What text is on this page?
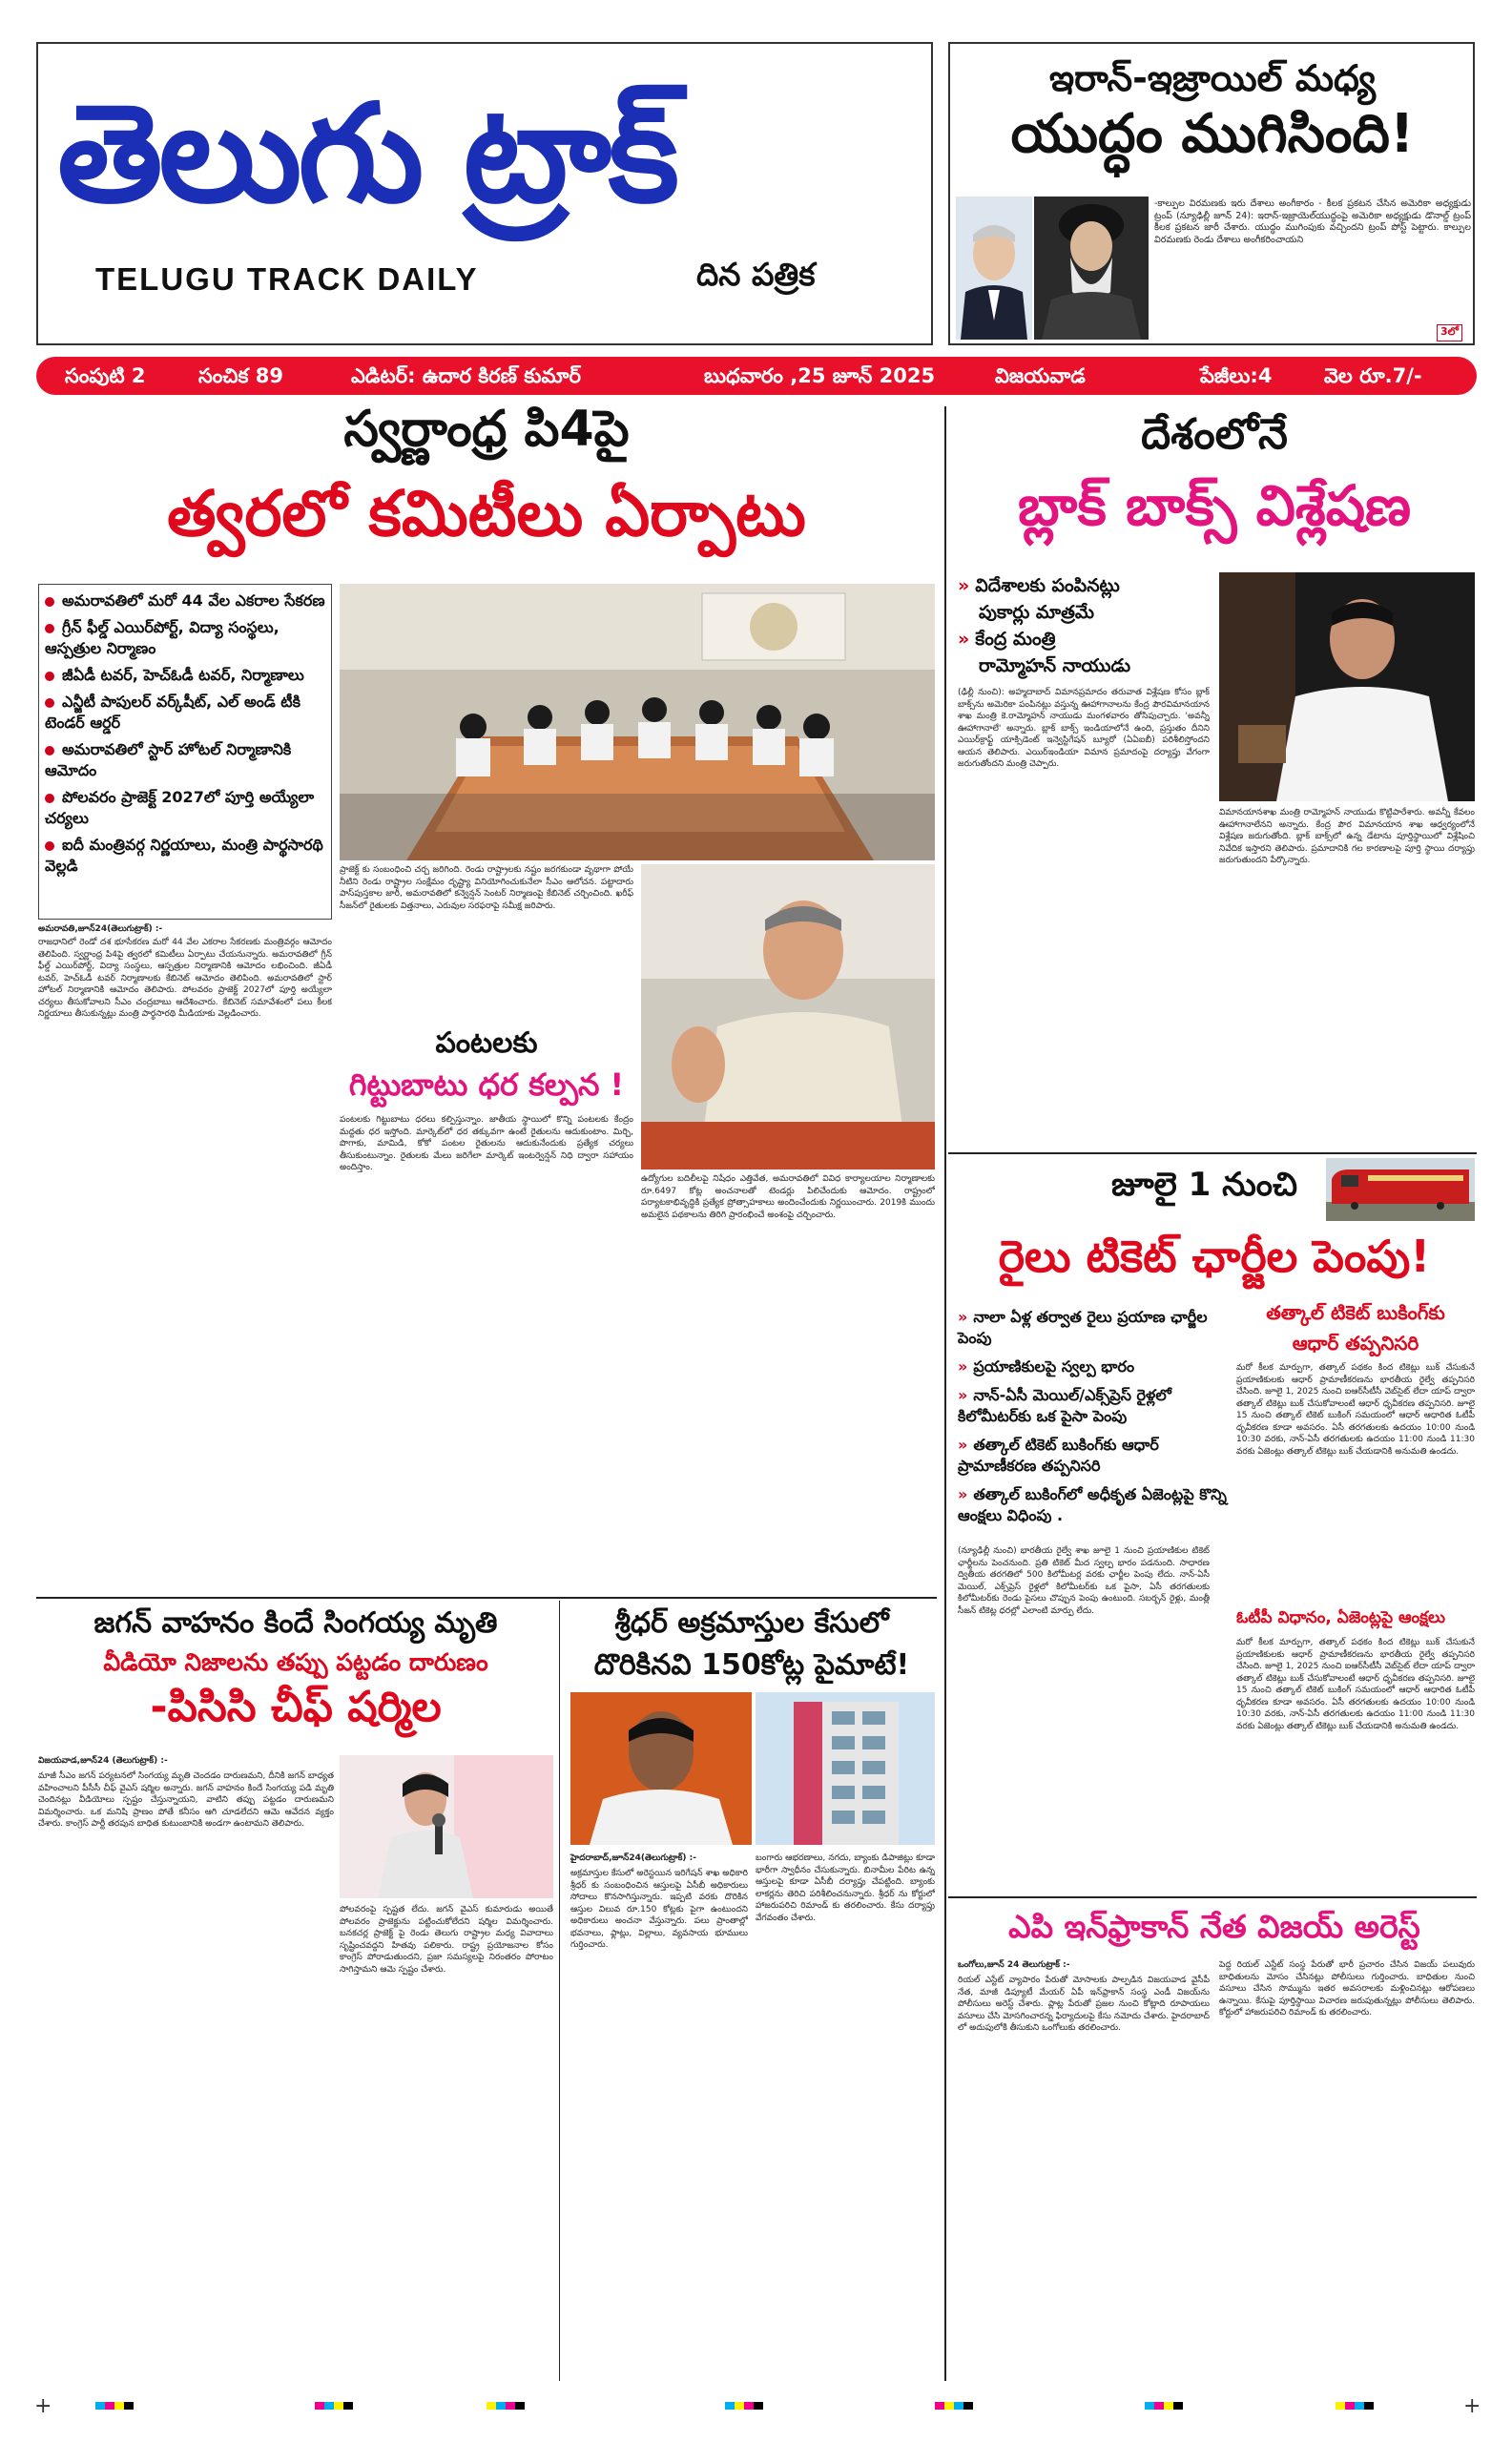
తెలుగు ట్రాక్
TELUGU TRACK DAILY	దిన పత్రిక
ఇరాన్-ఇజ్రాయిల్ మధ్య
యుద్ధం ముగిసింది!
-కాల్పుల విరమణకు ఇరు దేశాలు అంగీకారం - కీలక ప్రకటన చేసిన అమెరికా అధ్యక్షుడు ట్రంప్ (న్యూఢిల్లీ జూన్ 24): ఇరాన్-ఇజ్రాయెల్‌యుద్ధంపై అమెరికా అధ్యక్షుడు డొనాల్డ్ ట్రంప్ కీలక ప్రకటన జారీ చేశారు. యుద్ధం ముగింపుకు వచ్చిందని ట్రంప్ పోస్ట్ పెట్టారు. కాల్పుల విరమణకు రెండు దేశాలు అంగీకరించాయని
3లో
సంపుటి 2	సంచిక 89	ఎడిటర్: ఉదార కిరణ్ కుమార్	బుధవారం ,25 జూన్ 2025	విజయవాడ	పేజీలు:4	వెల రూ.7/-
స్వర్ణాంధ్ర పి4పై
త్వరలో కమిటీలు ఏర్పాటు
అమరావతిలో మరో 44 వేల ఎకరాల సేకరణ
గ్రీన్ ఫీల్డ్ ఎయిర్‌పోర్ట్, విద్యా సంస్థలు, ఆస్పత్రుల నిర్మాణం
జీఏడీ టవర్, హెచ్‌ఓడీ టవర్, నిర్మాణాలు
ఎన్జీటీ పాపులర్ వర్క్‌షీట్, ఎల్ అండ్ టీకి టెండర్ ఆర్డర్
అమరావతిలో స్టార్ హోటల్ నిర్మాణానికి ఆమోదం
పోలవరం ప్రాజెక్ట్ 2027లో పూర్తి అయ్యేలా చర్యలు
ఐదీ మంత్రివర్గ నిర్ణయాలు, మంత్రి పార్థసారథి వెల్లడి
అమరావతి,జూన్24(తెలుగుట్రాక్) :-
రాజధానిలో రెండో దశ భూసేకరణ మరో 44 వేల ఎకరాల సేకరణకు మంత్రివర్గం ఆమోదం తెలిపింది. స్వర్ణాంధ్ర పి4పై త్వరలో కమిటీలు ఏర్పాటు చేయనున్నారు. అమరావతిలో గ్రీన్ ఫీల్డ్ ఎయిర్‌పోర్ట్, విద్యా సంస్థలు, ఆస్పత్రుల నిర్మాణానికి ఆమోదం లభించింది. జీఏడీ టవర్, హెచ్‌ఓడీ టవర్ నిర్మాణాలకు కేబినెట్ ఆమోదం తెలిపింది. అమరావతిలో స్టార్ హోటల్ నిర్మాణానికి ఆమోదం తెలిపారు. పోలవరం ప్రాజెక్ట్ 2027లో పూర్తి అయ్యేలా చర్యలు తీసుకోవాలని సీఎం చంద్రబాబు ఆదేశించారు. కేబినెట్ సమావేశంలో పలు కీలక నిర్ణయాలు తీసుకున్నట్లు మంత్రి పార్థసారథి మీడియాకు వెల్లడించారు.
ప్రాజెక్ట్ కు సంబంధించి చర్చ జరిగింది. రెండు రాష్ట్రాలకు నష్టం జరగకుండా వృథాగా పోయే నీటిని రెండు రాష్ట్రాల సంక్షేమం దృష్ట్యా వినియోగించుకునేలా సీఎం ఆలోచన. పట్టాదారు పాస్‌పుస్తకాల జారీ, అమరావతిలో కన్వెన్షన్ సెంటర్ నిర్మాణంపై కేబినెట్ చర్చించింది. ఖరీఫ్ సీజన్‌లో రైతులకు విత్తనాలు, ఎరువుల సరఫరాపై సమీక్ష జరిపారు.
పంటలకు
గిట్టుబాటు ధర కల్పన !
పంటలకు గిట్టుబాటు ధరలు కల్పిస్తున్నాం. జాతీయ స్థాయిలో కొన్ని పంటలకు కేంద్రం మద్దతు ధర ఇస్తోంది. మార్కెట్‌లో ధర తక్కువగా ఉంటే రైతులను ఆదుకుంటాం. మిర్చి, పొగాకు, మామిడి, కోకో పంటల రైతులను ఆదుకునేందుకు ప్రత్యేక చర్యలు తీసుకుంటున్నాం. రైతులకు మేలు జరిగేలా మార్కెట్ ఇంటర్వెన్షన్ నిధి ద్వారా సహాయం అందిస్తాం.
ఉద్యోగుల బదిలీలపై నిషేధం ఎత్తివేత, అమరావతిలో వివిధ కార్యాలయాల నిర్మాణాలకు రూ.6497 కోట్ల అంచనాలతో టెండర్లు పిలిచేందుకు ఆమోదం. రాష్ట్రంలో పర్యాటకాభివృద్ధికి ప్రత్యేక ప్రోత్సాహకాలు అందించేందుకు నిర్ణయించారు. 2019కి ముందు అమలైన పథకాలను తిరిగి ప్రారంభించే అంశంపై చర్చించారు.
దేశంలోనే
బ్లాక్ బాక్స్ విశ్లేషణ
» విదేశాలకు పంపినట్లు
పుకార్లు మాత్రమే
» కేంద్ర మంత్రి
రామ్మోహన్ నాయుడు
(ఢిల్లీ నుంచి): అహ్మదాబాద్ విమానప్రమాదం తరువాత విశ్లేషణ కోసం బ్లాక్ బాక్స్‌ను అమెరికా పంపినట్లు వస్తున్న ఊహాగానాలను కేంద్ర పౌరవిమానయాన శాఖ మంత్రి కె.రామ్మోహన్ నాయుడు మంగళవారం తోసిపుచ్చారు. 'అవన్నీ ఊహాగానాలే' అన్నారు. బ్లాక్ బాక్స్ ఇండియాలోనే ఉంది, ప్రస్తుతం దీనిని ఎయిర్‌క్రాఫ్ట్ యాక్సిడెంట్ ఇన్వెస్టిగేషన్ బ్యూరో (ఏఏఐబీ) పరిశీలిస్తోందని ఆయన తెలిపారు. ఎయిర్‌ఇండియా విమాన ప్రమాదంపై దర్యాప్తు వేగంగా జరుగుతోందని మంత్రి చెప్పారు.
విమానయానశాఖ మంత్రి రామ్మోహన్ నాయుడు కొట్టిపారేశారు. అవన్నీ కేవలం ఊహాగానాలేనని అన్నారు. కేంద్ర పౌర విమానయాన శాఖ ఆధ్వర్యంలోనే విశ్లేషణ జరుగుతోంది. బ్లాక్ బాక్స్‌లో ఉన్న డేటాను పూర్తిస్థాయిలో విశ్లేషించి నివేదిక ఇస్తారని తెలిపారు. ప్రమాదానికి గల కారణాలపై పూర్తి స్థాయి దర్యాప్తు జరుగుతుందని పేర్కొన్నారు.
జూలై 1 నుంచి
రైలు టికెట్ ఛార్జీల పెంపు!
» నాలా ఏళ్ల తర్వాత రైలు ప్రయాణ ఛార్జీల పెంపు
» ప్రయాణికులపై స్వల్ప భారం
» నాన్-ఏసీ మెయిల్/ఎక్స్‌ప్రెస్ రైళ్లలో కిలోమీటర్‌కు ఒక పైసా పెంపు
» తత్కాల్ టికెట్ బుకింగ్‌కు ఆధార్ ప్రామాణీకరణ తప్పనిసరి
» తత్కాల్ బుకింగ్‌లో అధీకృత ఏజెంట్లపై కొన్ని ఆంక్షలు విధింపు .
(న్యూఢిల్లీ నుంచి) భారతీయ రైల్వే శాఖ జూలై 1 నుంచి ప్రయాణికుల టికెట్ ఛార్జీలను పెంచనుంది. ప్రతి టికెట్ మీద స్వల్ప భారం పడనుంది. సాధారణ ద్వితీయ తరగతిలో 500 కిలోమీటర్ల వరకు ఛార్జీల పెంపు లేదు. నాన్-ఏసీ మెయిల్, ఎక్స్‌ప్రెస్ రైళ్లలో కిలోమీటర్‌కు ఒక పైసా, ఏసీ తరగతులకు కిలోమీటర్‌కు రెండు పైసలు చొప్పున పెంపు ఉంటుంది. సబర్బన్ రైళ్లు, మంత్లీ సీజన్ టికెట్ల ధరల్లో ఎలాంటి మార్పు లేదు.
తత్కాల్ టికెట్ బుకింగ్‌కు
ఆధార్ తప్పనిసరి
మరో కీలక మార్పుగా, తత్కాల్ పథకం కింద టికెట్లు బుక్ చేసుకునే ప్రయాణికులకు ఆధార్ ప్రామాణీకరణను భారతీయ రైల్వే తప్పనిసరి చేసింది. జూలై 1, 2025 నుంచి ఐఆర్‌సీటీసీ వెబ్‌సైట్ లేదా యాప్ ద్వారా తత్కాల్ టికెట్లు బుక్ చేసుకోవాలంటే ఆధార్ ధృవీకరణ తప్పనిసరి. జూలై 15 నుంచి తత్కాల్ టికెట్ బుకింగ్ సమయంలో ఆధార్ ఆధారిత ఓటీపీ ధృవీకరణ కూడా అవసరం. ఏసీ తరగతులకు ఉదయం 10:00 నుండి 10:30 వరకు, నాన్-ఏసీ తరగతులకు ఉదయం 11:00 నుండి 11:30 వరకు ఏజెంట్లు తత్కాల్ టికెట్లు బుక్ చేయడానికి అనుమతి ఉండదు.
ఓటీపీ విధానం, ఏజెంట్లపై ఆంక్షలు
మరో కీలక మార్పుగా, తత్కాల్ పథకం కింద టికెట్లు బుక్ చేసుకునే ప్రయాణికులకు ఆధార్ ప్రామాణీకరణను భారతీయ రైల్వే తప్పనిసరి చేసింది. జూలై 1, 2025 నుంచి ఐఆర్‌సీటీసీ వెబ్‌సైట్ లేదా యాప్ ద్వారా తత్కాల్ టికెట్లు బుక్ చేసుకోవాలంటే ఆధార్ ధృవీకరణ తప్పనిసరి. జూలై 15 నుంచి తత్కాల్ టికెట్ బుకింగ్ సమయంలో ఆధార్ ఆధారిత ఓటీపీ ధృవీకరణ కూడా అవసరం. ఏసీ తరగతులకు ఉదయం 10:00 నుండి 10:30 వరకు, నాన్-ఏసీ తరగతులకు ఉదయం 11:00 నుండి 11:30 వరకు ఏజెంట్లు తత్కాల్ టికెట్లు బుక్ చేయడానికి అనుమతి ఉండదు.
జగన్ వాహనం కిందే సింగయ్య మృతి
వీడియో నిజాలను తప్పు పట్టడం దారుణం
-పిసిసి చీఫ్ షర్మిల
విజయవాడ,జూన్24 (తెలుగుట్రాక్) :-
మాజీ సీఎం జగన్ పర్యటనలో సింగయ్య మృతి చెందడం దారుణమని, దీనికి జగన్ బాధ్యత వహించాలని పీసీసీ చీఫ్ వైఎస్ షర్మిల అన్నారు. జగన్ వాహనం కిందే సింగయ్య పడి మృతి చెందినట్లు వీడియోలు స్పష్టం చేస్తున్నాయని, వాటిని తప్పు పట్టడం దారుణమని విమర్శించారు. ఒక మనిషి ప్రాణం పోతే కనీసం ఆగి చూడలేదని ఆమె ఆవేదన వ్యక్తం చేశారు. కాంగ్రెస్ పార్టీ తరపున బాధిత కుటుంబానికి అండగా ఉంటామని తెలిపారు.
పోలవరంపై స్పష్టత లేదు. జగన్ వైఎస్ కుమారుడు అయితే పోలవరం ప్రాజెక్టును పట్టించుకోలేదని షర్మిల విమర్శించారు. బనకచర్ల ప్రాజెక్ట్ పై రెండు తెలుగు రాష్ట్రాల మధ్య వివాదాలు సృష్టించవద్దని హితవు పలికారు. రాష్ట్ర ప్రయోజనాల కోసం కాంగ్రెస్ పోరాడుతుందని, ప్రజా సమస్యలపై నిరంతరం పోరాటం సాగిస్తామని ఆమె స్పష్టం చేశారు.
శ్రీధర్ అక్రమాస్తుల కేసులో
దొరికినవి 150కోట్ల పైమాటే!
హైదరాబాద్,జూన్24(తెలుగుట్రాక్) :-
అక్రమాస్తుల కేసులో అరెస్టయిన ఇరిగేషన్ శాఖ అధికారి శ్రీధర్ కు సంబంధించిన ఆస్తులపై ఏసీబీ అధికారులు సోదాలు కొనసాగిస్తున్నారు. ఇప్పటి వరకు దొరికిన ఆస్తుల విలువ రూ.150 కోట్లకు పైగా ఉంటుందని అధికారులు అంచనా వేస్తున్నారు. పలు ప్రాంతాల్లో భవనాలు, ఫ్లాట్లు, విల్లాలు, వ్యవసాయ భూములు గుర్తించారు.
బంగారు ఆభరణాలు, నగదు, బ్యాంకు డిపాజిట్లు కూడా భారీగా స్వాధీనం చేసుకున్నారు. బినామీల పేరిట ఉన్న ఆస్తులపై కూడా ఏసీబీ దర్యాప్తు చేపట్టింది. బ్యాంకు లాకర్లను తెరిచి పరిశీలించనున్నారు. శ్రీధర్ ను కోర్టులో హాజరుపరిచి రిమాండ్ కు తరలించారు. కేసు దర్యాప్తు వేగవంతం చేశారు.	ఎపి ఇన్‌ఫ్రాకాన్ నేత విజయ్ అరెస్ట్
ఒంగోలు,జూన్ 24 తెలుగుట్రాక్ :-
రియల్ ఎస్టేట్ వ్యాపారం పేరుతో మోసాలకు పాల్పడిన విజయవాడ వైసీపీ నేత, మాజీ డిప్యూటీ మేయర్ ఏపీ ఇన్‌ఫ్రాకాన్ సంస్థ ఎండీ విజయ్‌ను పోలీసులు అరెస్ట్ చేశారు. ప్లాట్ల పేరుతో ప్రజల నుంచి కోట్లాది రూపాయలు వసూలు చేసి మోసగించారన్న ఫిర్యాదులపై కేసు నమోదు చేశారు. హైదరాబాద్ లో అదుపులోకి తీసుకుని ఒంగోలుకు తరలించారు.
పెద్ద రియల్ ఎస్టేట్ సంస్థ పేరుతో భారీ ప్రచారం చేసిన విజయ్ పలువురు బాధితులను మోసం చేసినట్లు పోలీసులు గుర్తించారు. బాధితుల నుంచి వసూలు చేసిన సొమ్మును ఇతర అవసరాలకు మళ్లించినట్లు ఆరోపణలు ఉన్నాయి. కేసుపై పూర్తిస్థాయి విచారణ జరుపుతున్నట్లు పోలీసులు తెలిపారు. కోర్టులో హాజరుపరిచి రిమాండ్ కు తరలించారు.
+	+
